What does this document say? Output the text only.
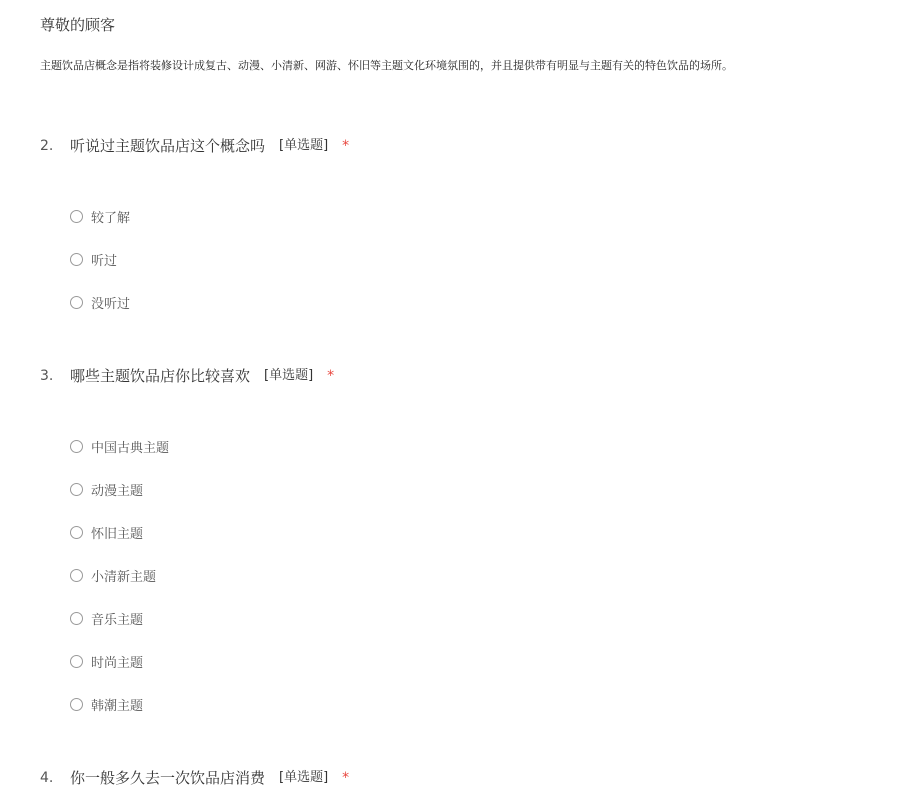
尊敬的顾客
主题饮品店概念是指将装修设计成复古、动漫、小清新、网游、怀旧等主题文化环境氛围的，并且提供带有明显与主题有关的特色饮品的场所。
2. 听说过主题饮品店这个概念吗 [单选题] *
较了解
听过
没听过
3. 哪些主题饮品店你比较喜欢 [单选题] *
中国古典主题
动漫主题
怀旧主题
小清新主题
音乐主题
时尚主题
韩潮主题
4. 你一般多久去一次饮品店消费 [单选题] *
